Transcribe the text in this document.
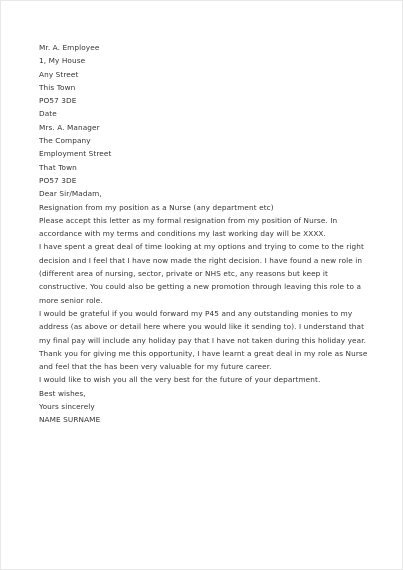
Mr. A. Employee
1, My House
Any Street
This Town
PO57 3DE
Date
Mrs. A. Manager
The Company
Employment Street
That Town
PO57 3DE
Dear Sir/Madam,
Resignation from my position as a Nurse (any department etc)
Please accept this letter as my formal resignation from my position of Nurse. In
accordance with my terms and conditions my last working day will be XXXX.
I have spent a great deal of time looking at my options and trying to come to the right
decision and I feel that I have now made the right decision. I have found a new role in
(different area of nursing, sector, private or NHS etc, any reasons but keep it
constructive. You could also be getting a new promotion through leaving this role to a
more senior role.
I would be grateful if you would forward my P45 and any outstanding monies to my
address (as above or detail here where you would like it sending to). I understand that
my final pay will include any holiday pay that I have not taken during this holiday year.
Thank you for giving me this opportunity, I have learnt a great deal in my role as Nurse
and feel that the has been very valuable for my future career.
I would like to wish you all the very best for the future of your department.
Best wishes,
Yours sincerely
NAME SURNAME
